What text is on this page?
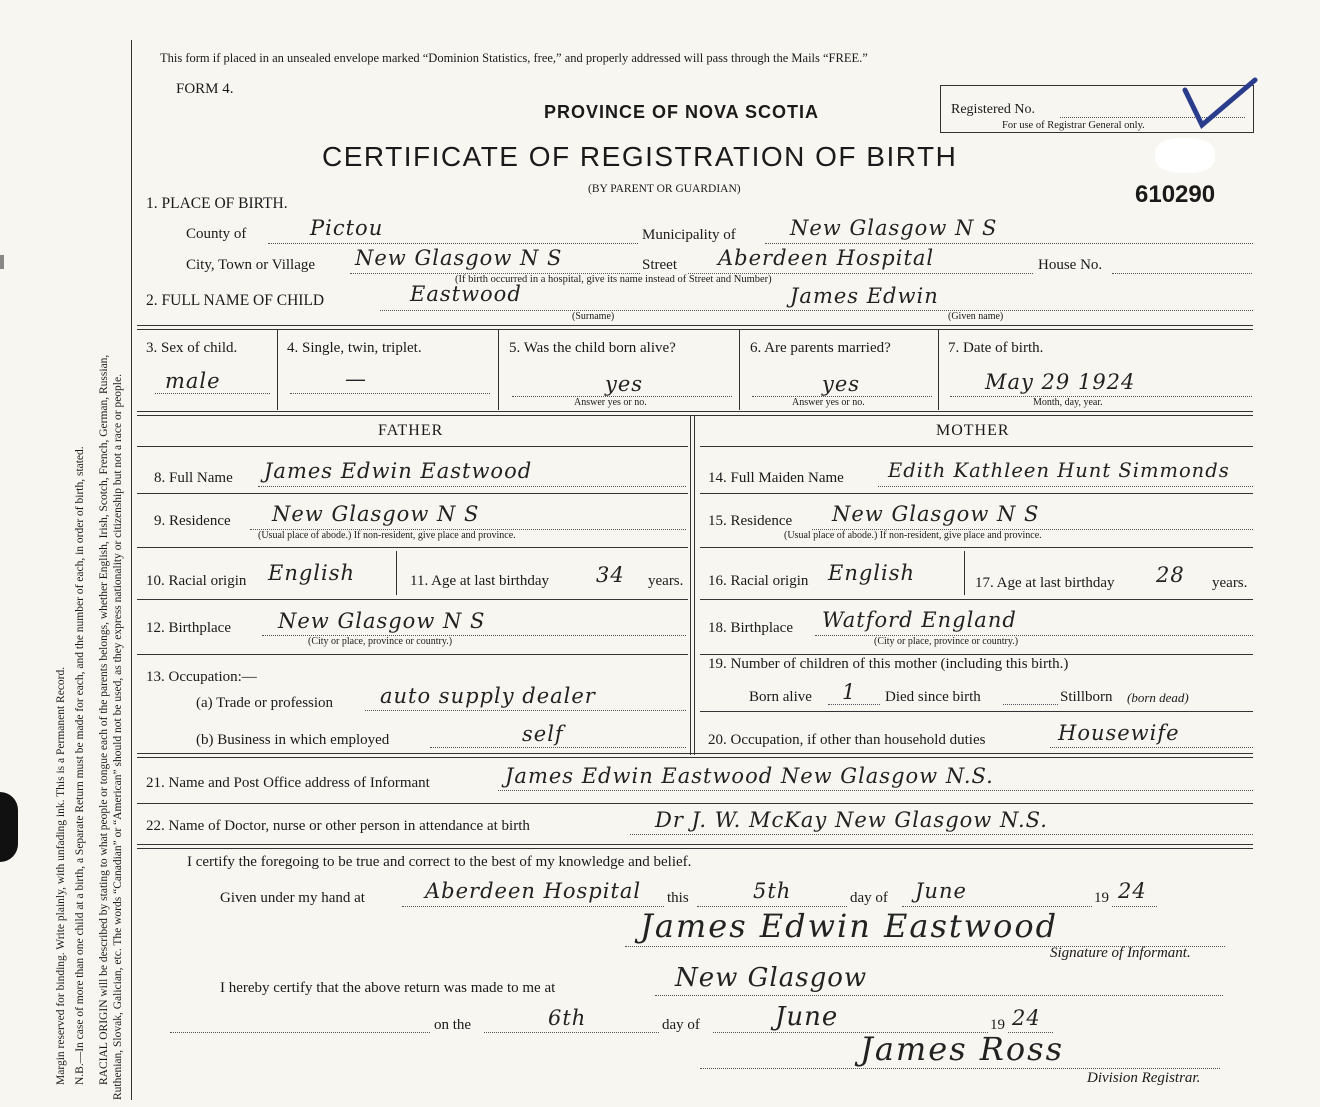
Margin reserved for binding. Write plainly, with unfading ink. This is a Permanent Record. N.B.—In case of more than one child at a birth, a Separate Return must be made for each, and the number of each, in order of birth, stated. RACIAL ORIGIN will be described by stating to what people or tongue each of the parents belongs, whether English, Irish, Scotch, French, German, Russian, Ruthenian, Slovak, Galician, etc. The words “Canadian” or “American” should not be used, as they express nationality or citizenship but not a race or people.
This form if placed in an unsealed envelope marked “Dominion Statistics, free,” and properly addressed will pass through the Mails “FREE.”
FORM 4.
PROVINCE OF NOVA SCOTIA
CERTIFICATE OF REGISTRATION OF BIRTH
(BY PARENT OR GUARDIAN)
Registered No.
For use of Registrar General only.
610290
1. PLACE OF BIRTH.
County of	Pictou	Municipality of	New Glasgow N S
City, Town or Village New Glasgow N S	Street Aberdeen Hospital	House No.
(If birth occurred in a hospital, give its name instead of Street and Number)
2. FULL NAME OF CHILD	Eastwood
(Surname)
James Edwin
(Given name)
3. Sex of child.
male
4. Single, twin, triplet.
—
5. Was the child born alive?
yes
Answer yes or no.
6. Are parents married?
yes
Answer yes or no.
7. Date of birth.
May 29 1924
Month, day, year.
FATHER	MOTHER
8. Full Name James Edwin Eastwood	14. Full Maiden Name Edith Kathleen Hunt Simmonds
9. Residence New Glasgow N S
(Usual place of abode.) If non-resident, give place and province.
15. Residence New Glasgow N S
(Usual place of abode.) If non-resident, give place and province.
10. Racial origin English	11. Age at last birthday 34 years. 16. Racial origin English	17. Age at last birthday 28 years.
12. Birthplace New Glasgow N S
(City or place, province or country.)
18. Birthplace Watford England
(City or place, province or country.)
13. Occupation:—
(a) Trade or profession auto supply dealer
(b) Business in which employed	self
19. Number of children of this mother (including this birth.)
Born alive 1 Died since birth	Stillborn (born dead)
20. Occupation, if other than household duties	Housewife
21. Name and Post Office address of Informant	James Edwin Eastwood New Glasgow N.S.
22. Name of Doctor, nurse or other person in attendance at birth	Dr J. W. McKay New Glasgow N.S.
I certify the foregoing to be true and correct to the best of my knowledge and belief.
Given under my hand at	Aberdeen Hospital this	5th	day of June	19 24
James Edwin Eastwood
Signature of Informant.
I hereby certify that the above return was made to me at	New Glasgow
on the	6th	day of	June	19 24
James Ross
Division Registrar.
